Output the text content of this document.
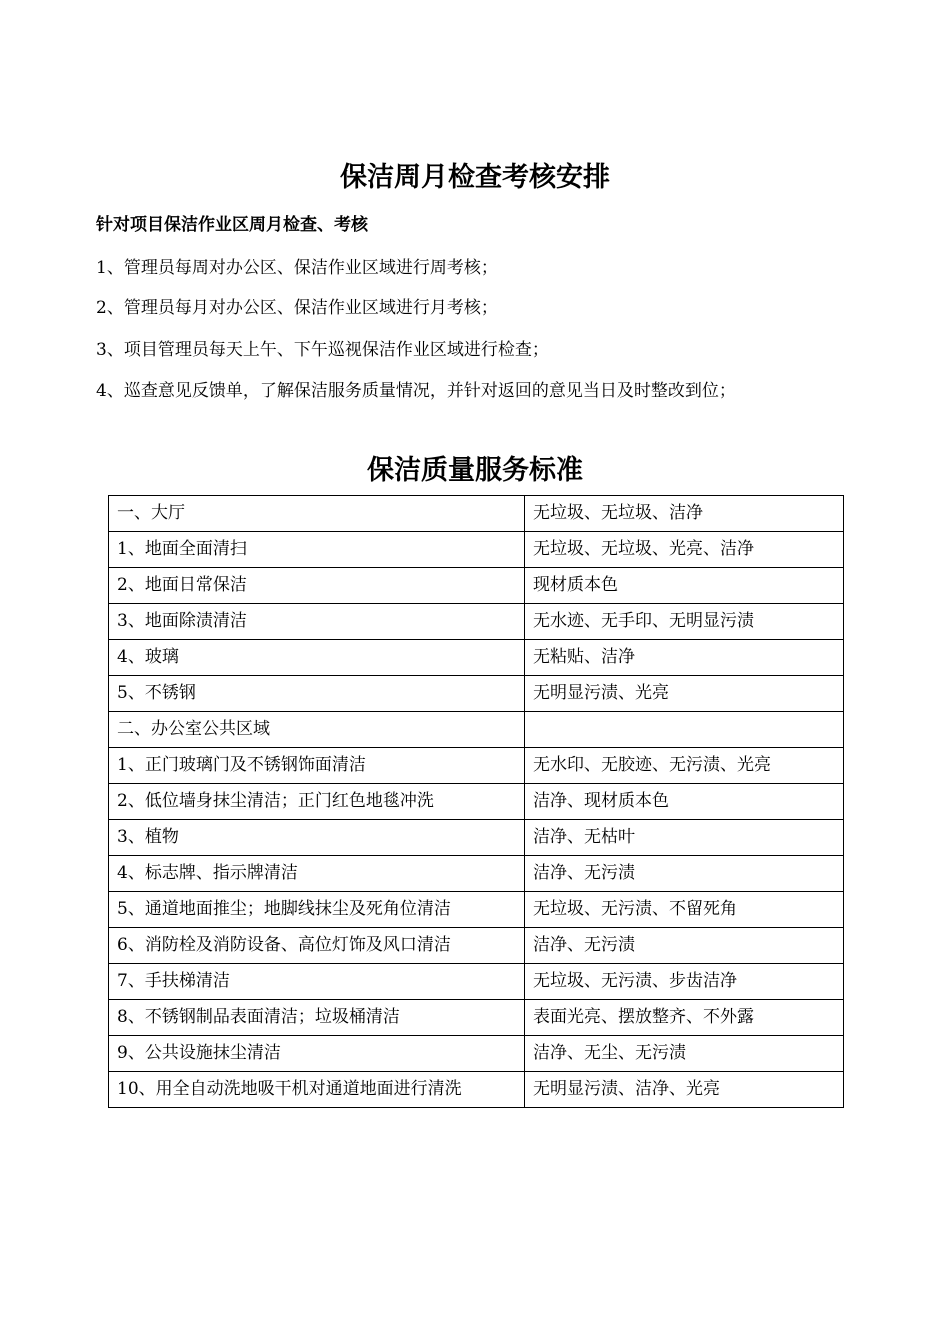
保洁周月检查考核安排
针对项目保洁作业区周月检查、考核
1、管理员每周对办公区、保洁作业区域进行周考核；
2、管理员每月对办公区、保洁作业区域进行月考核；
3、项目管理员每天上午、下午巡视保洁作业区域进行检查；
4、巡查意见反馈单，了解保洁服务质量情况，并针对返回的意见当日及时整改到位；
保洁质量服务标准
一、大厅	无垃圾、无垃圾、洁净
1、地面全面清扫	无垃圾、无垃圾、光亮、洁净
2、地面日常保洁	现材质本色
3、地面除渍清洁	无水迹、无手印、无明显污渍
4、玻璃	无粘贴、洁净
5、不锈钢	无明显污渍、光亮
二、办公室公共区域	
1、正门玻璃门及不锈钢饰面清洁	无水印、无胶迹、无污渍、光亮
2、低位墙身抹尘清洁；正门红色地毯冲洗	洁净、现材质本色
3、植物	洁净、无枯叶
4、标志牌、指示牌清洁	洁净、无污渍
5、通道地面推尘；地脚线抹尘及死角位清洁	无垃圾、无污渍、不留死角
6、消防栓及消防设备、高位灯饰及风口清洁	洁净、无污渍
7、手扶梯清洁	无垃圾、无污渍、步齿洁净
8、不锈钢制品表面清洁；垃圾桶清洁	表面光亮、摆放整齐、不外露
9、公共设施抹尘清洁	洁净、无尘、无污渍
10、用全自动洗地吸干机对通道地面进行清洗	无明显污渍、洁净、光亮
